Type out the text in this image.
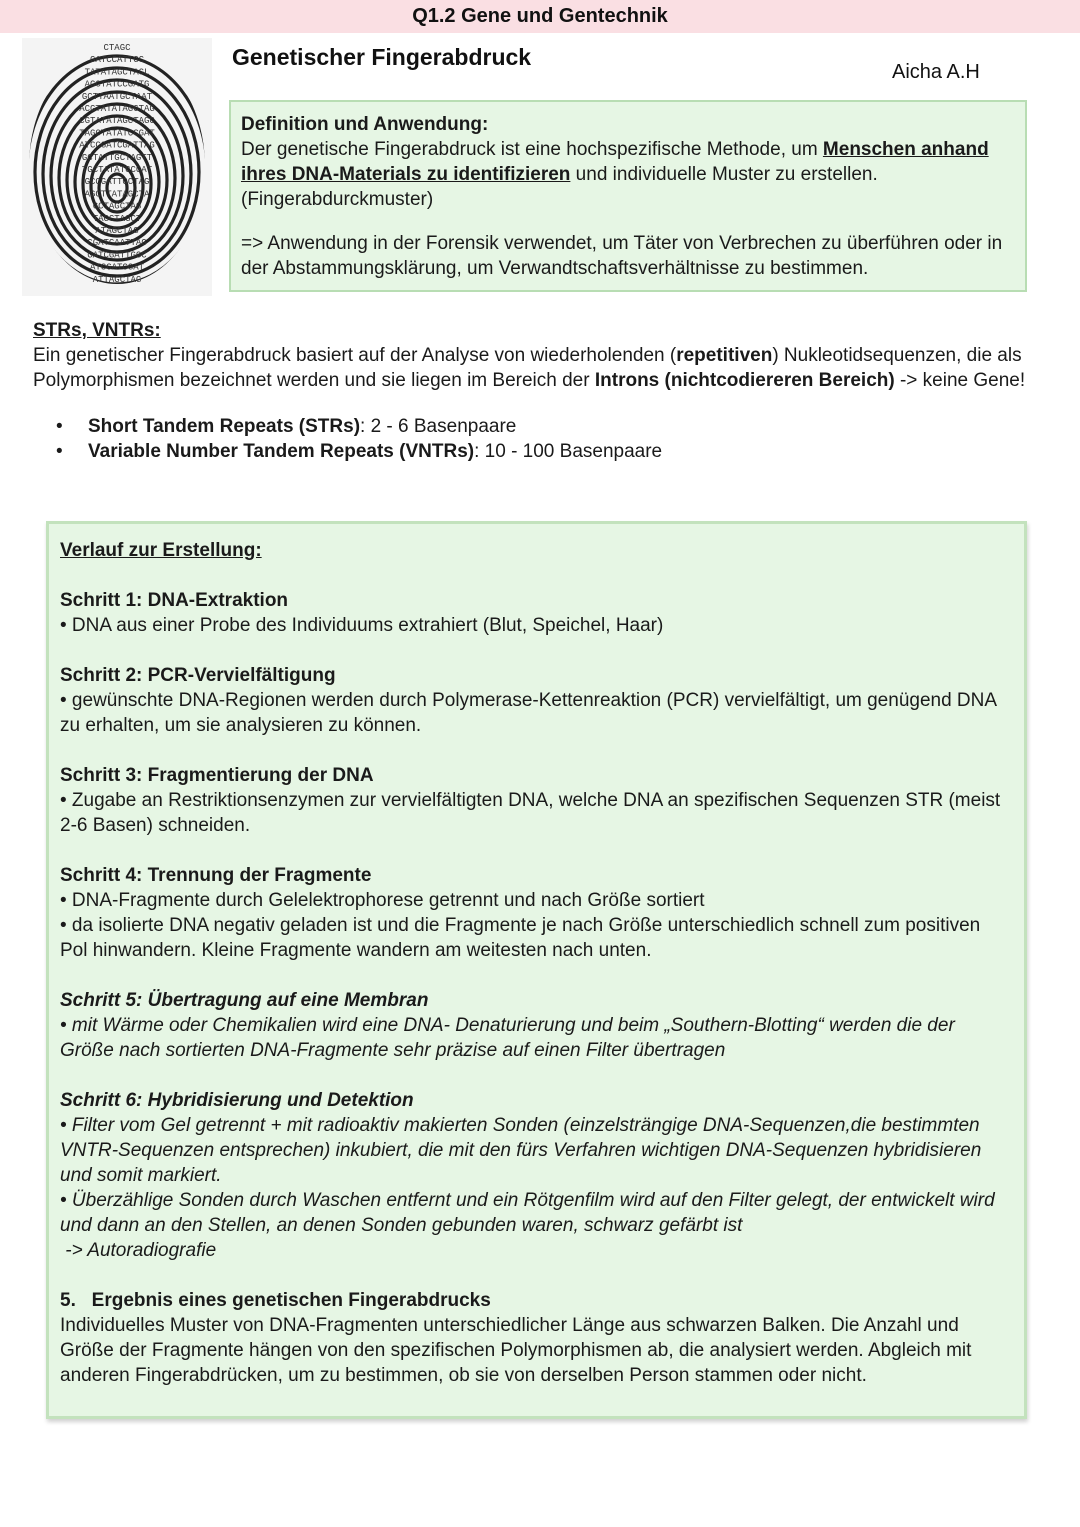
Q1.2 Gene und Gentechnik
CTAGC
GATCCATTGC
TATATAGCTAGL
AGCTATCCGATG
GCTTAATGCTAAT
ACGTATATAGCTAG
CGTATATAGCTAGC
TAGCTATATCCGAT
ATCCGATCGATTAG
GCTATTGCTAGTT
TGCTATATCCGAT
GCCGATTGCTAG
AGCTTATAGCTA
GCTAGCTAG
TAGCTAGCT
ATAGCTAG
CGATCAATTAG
GATCGATTGGC
ATCGATCGAT
ATTAGCTAG
Genetischer Fingerabdruck
Aicha A.H

Definition und Anwendung:

Der genetische Fingerabdruck ist eine hochspezifische Methode, um Menschen anhand ihres DNA-Materials zu identifizieren und individuelle Muster zu erstellen. (Fingerabdurckmuster)

=> Anwendung in der Forensik verwendet, um Täter von Verbrechen zu überführen oder in der Abstammungsklärung, um Verwandtschaftsverhältnisse zu bestimmen.

STRs, VNTRs:

Ein genetischer Fingerabdruck basiert auf der Analyse von wiederholenden (repetitiven) Nukleotidsequenzen, die als Polymorphismen bezeichnet werden und sie liegen im Bereich der Introns (nichtcodiereren Bereich) -> keine Gene!

• Short Tandem Repeats (STRs): 2 - 6 Basenpaare
• Variable Number Tandem Repeats (VNTRs): 10 - 100 Basenpaare

Verlauf zur Erstellung:

Schritt 1: DNA-Extraktion

• DNA aus einer Probe des Individuums extrahiert (Blut, Speichel, Haar)

Schritt 2: PCR-Vervielfältigung

• gewünschte DNA-Regionen werden durch Polymerase-Kettenreaktion (PCR) vervielfältigt, um genügend DNA zu erhalten, um sie analysieren zu können.

Schritt 3: Fragmentierung der DNA

• Zugabe an Restriktionsenzymen zur vervielfältigten DNA, welche DNA an spezifischen Sequenzen STR (meist 2-6 Basen) schneiden.

Schritt 4: Trennung der Fragmente

• DNA-Fragmente durch Gelelektrophorese getrennt und nach Größe sortiert

• da isolierte DNA negativ geladen ist und die Fragmente je nach Größe unterschiedlich schnell zum positiven Pol hinwandern. Kleine Fragmente wandern am weitesten nach unten.

Schritt 5: Übertragung auf eine Membran

• mit Wärme oder Chemikalien wird eine DNA- Denaturierung und beim „Southern-Blotting“ werden die der Größe nach sortierten DNA-Fragmente sehr präzise auf einen Filter übertragen

Schritt 6: Hybridisierung und Detektion

• Filter vom Gel getrennt + mit radioaktiv makierten Sonden (einzelsträngige DNA-Sequenzen,die bestimmten VNTR-Sequenzen entsprechen) inkubiert, die mit den fürs Verfahren wichtigen DNA-Sequenzen hybridisieren und somit markiert.

• Überzählige Sonden durch Waschen entfernt und ein Rötgenfilm wird auf den Filter gelegt, der entwickelt wird und dann an den Stellen, an denen Sonden gebunden waren, schwarz gefärbt ist

-> Autoradiografie

5.   Ergebnis eines genetischen Fingerabdrucks

Individuelles Muster von DNA-Fragmenten unterschiedlicher Länge aus schwarzen Balken. Die Anzahl und Größe der Fragmente hängen von den spezifischen Polymorphismen ab, die analysiert werden. Abgleich mit anderen Fingerabdrücken, um zu bestimmen, ob sie von derselben Person stammen oder nicht.
